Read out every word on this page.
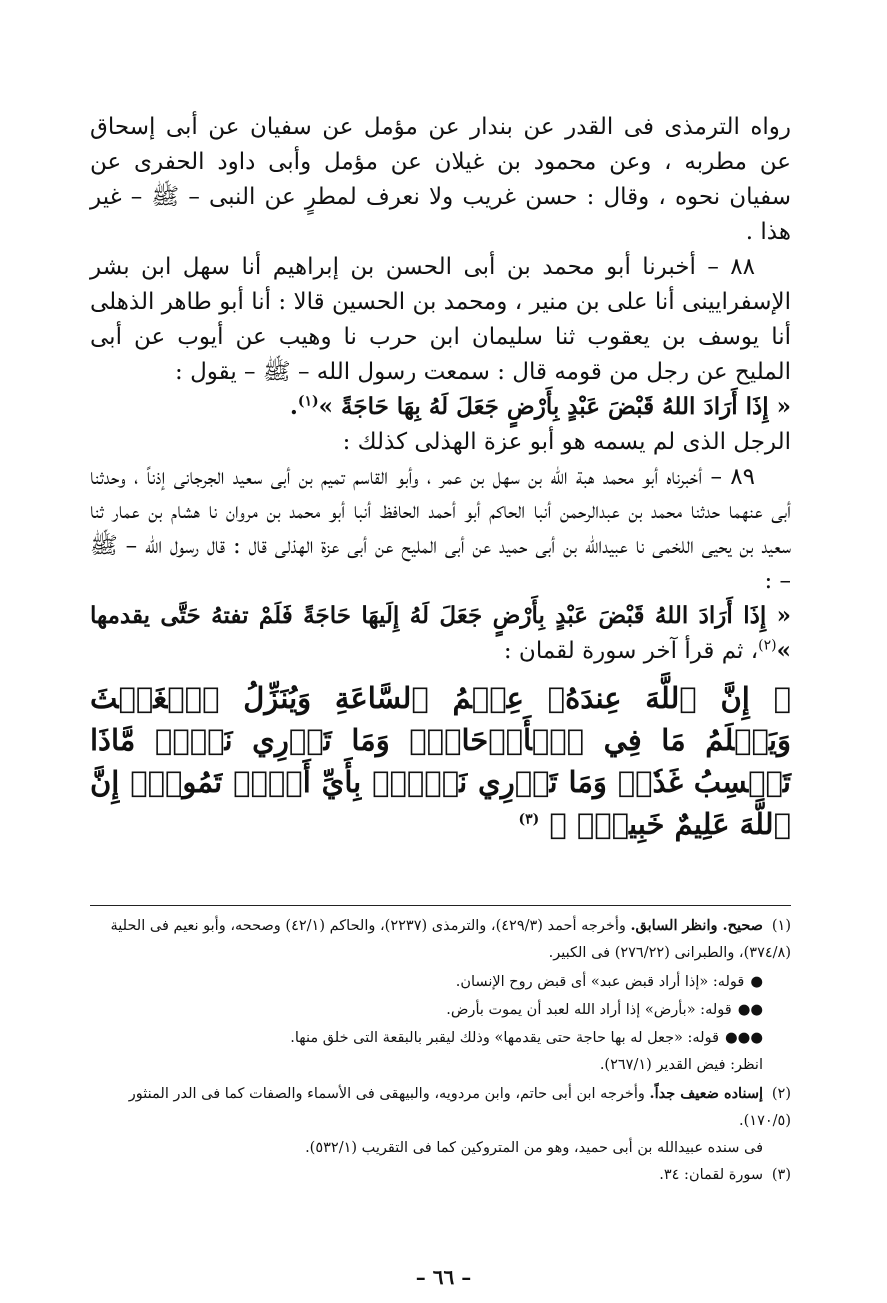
رواه الترمذى فى القدر عن بندار عن مؤمل عن سفيان عن أبى إسحاق عن مطربه ، وعن محمود بن غيلان عن مؤمل وأبى داود الحفرى عن سفيان نحوه ، وقال : حسن غريب ولا نعرف لمطرٍ عن النبى – ﷺ – غير هذا .

٨٨ – أخبرنا أبو محمد بن أبى الحسن بن إبراهيم أنا سهل ابن بشر الإسفرايينى أنا على بن منير ، ومحمد بن الحسين قالا : أنا أبو طاهر الذهلى أنا يوسف بن يعقوب ثنا سليمان ابن حرب نا وهيب عن أيوب عن أبى المليح عن رجل من قومه قال : سمعت رسول الله – ﷺ – يقول :

« إِذَا أَرَادَ اللهُ قَبْضَ عَبْدٍ بِأَرْضٍ جَعَلَ لَهُ بِهَا حَاجَةً »$^{(١)}$.

الرجل الذى لم يسمه هو أبو عزة الهذلى كذلك :

٨٩ – أخبرناه أبو محمد هبة الله بن سهل بن عمر ، وأبو القاسم تميم بن أبى سعيد الجرجانى إذناً ، وحدثنا أبى عنهما حدثنا محمد بن عبدالرحمن أنبا الحاكم أبو أحمد الحافظ أنبا أبو محمد بن مروان نا هشام بن عمار ثنا سعيد بن يحيى اللخمى نا عبيدالله بن أبى حميد عن أبى المليح عن أبى عزة الهذلى قال : قال رسول الله – ﷺ – :

« إِذَا أَرَادَ اللهُ قَبْضَ عَبْدٍ بِأَرْضٍ جَعَلَ لَهُ إِلَيهَا حَاجَةً فَلَمْ تفتهُ حَتَّى يقدمها »$^{(٢)}$، ثم قرأ آخر سورة لقمان :

﴿ إِنَّ ٱللَّهَ عِندَهُۥ عِلۡمُ ٱلسَّاعَةِ وَيُنَزِّلُ ٱلۡغَيۡثَ وَيَعۡلَمُ مَا فِي ٱلۡأَرۡحَامِۖ وَمَا تَدۡرِي نَفۡسٞ مَّاذَا تَكۡسِبُ غَدٗاۖ وَمَا تَدۡرِي نَفۡسُۢ بِأَيِّ أَرۡضٖ تَمُوتُۚ إِنَّ ٱللَّهَ عَلِيمٌ خَبِيرُۢ ﴾ $^{(٣)}$

(١)صحيح. وانظر السابق. وأخرجه أحمد (٤٢٩/٣)، والترمذى (٢٢٣٧)، والحاكم (٤٢/١) وصححه، وأبو نعيم فى الحلية (٣٧٤/٨)، والطبرانى (٢٧٦/٢٢) فى الكبير.

●قوله: «إذا أراد قبض عبد» أى قبض روح الإنسان.

●●قوله: «بأرض» إذا أراد الله لعبد أن يموت بأرض.

●●●قوله: «جعل له بها حاجة حتى يقدمها» وذلك ليقبر بالبقعة التى خلق منها.

انظر: فيض القدير (٢٦٧/١).

(٢)إسناده ضعيف جداً. وأخرجه ابن أبى حاتم، وابن مردويه، والبيهقى فى الأسماء والصفات كما فى الدر المنثور (١٧٠/٥).

فى سنده عبيدالله بن أبى حميد، وهو من المتروكين كما فى التقريب (٥٣٢/١).

(٣)سورة لقمان: ٣٤.

– ٦٦ –
